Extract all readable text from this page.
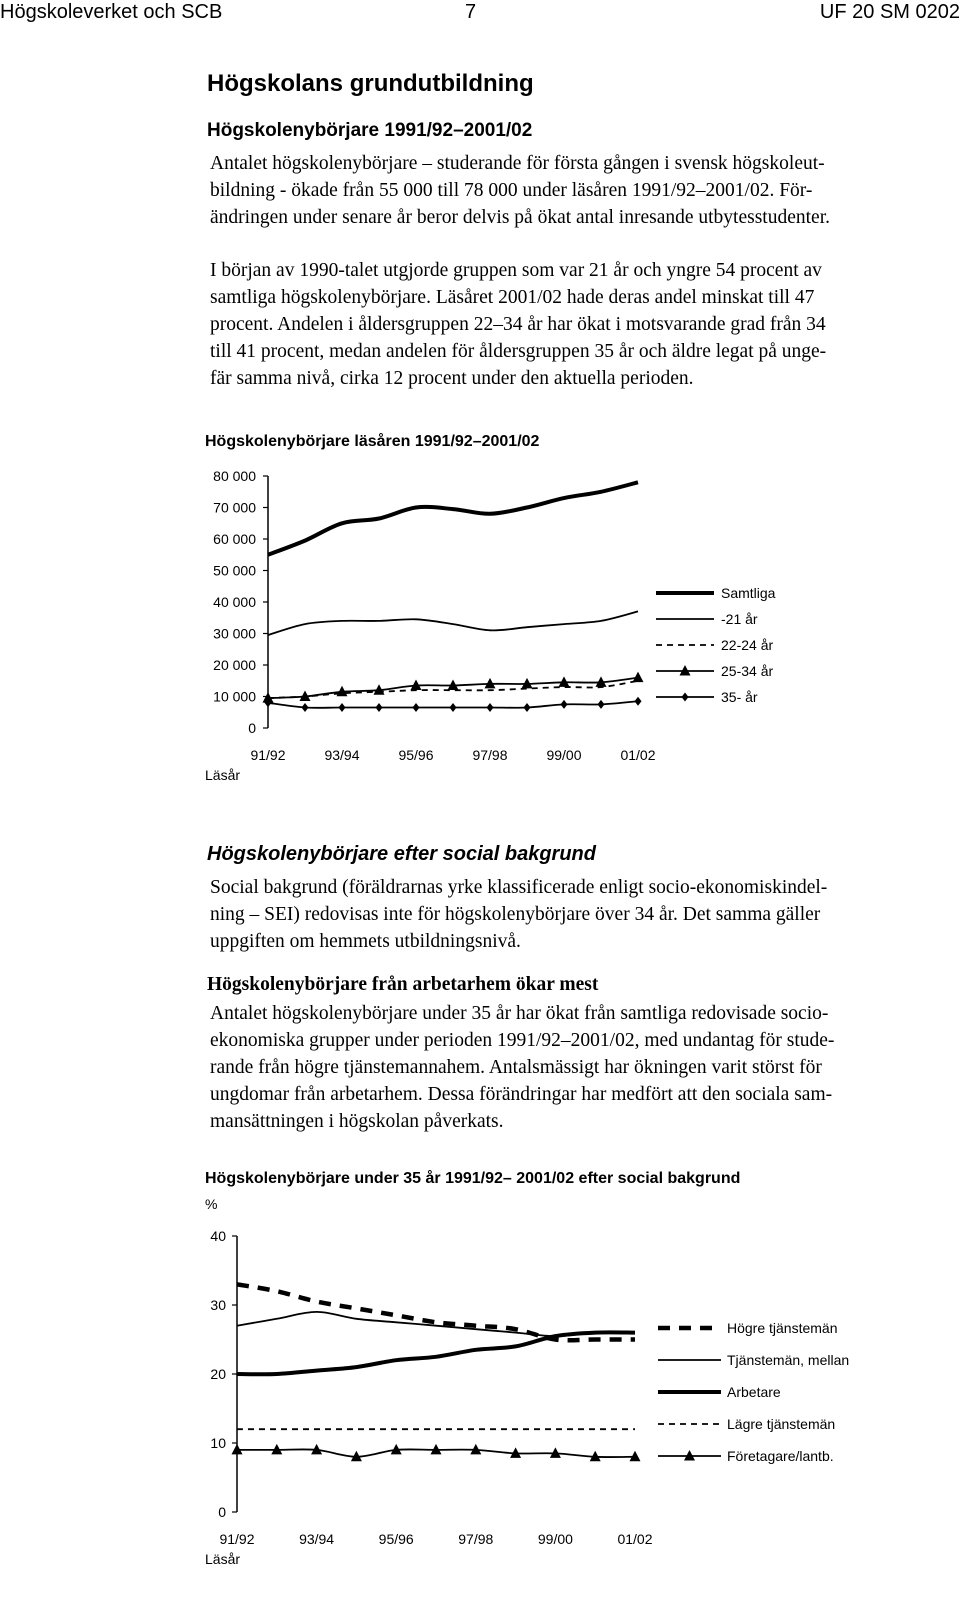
Högskoleverket och SCB	7	UF 20 SM 0202
Högskolans grundutbildning
Högskolenybörjare 1991/92–2001/02
Antalet högskolenybörjare – studerande för första gången i svensk högskoleut-
bildning - ökade från 55 000 till 78 000 under läsåren 1991/92–2001/02. För-
ändringen under senare år beror delvis på ökat antal inresande utbytesstudenter.
I början av 1990-talet utgjorde gruppen som var 21 år och yngre 54 procent av
samtliga högskolenybörjare. Läsåret 2001/02 hade deras andel minskat till 47
procent. Andelen i åldersgruppen 22–34 år har ökat i motsvarande grad från 34
till 41 procent, medan andelen för åldersgruppen 35 år och äldre legat på unge-
fär samma nivå, cirka 12 procent under den aktuella perioden.
Högskolenybörjare läsåren 1991/92–2001/02
80 000
70 000
60 000
50 000
40 000
30 000
20 000
10 000
0
91/92	93/94	95/96	97/98	99/00	01/02
Läsår
Samtliga
-21 år
22-24 år
25-34 år
35- år
Högskolenybörjare efter social bakgrund
Social bakgrund (föräldrarnas yrke klassificerade enligt socio-ekonomiskindel-
ning – SEI) redovisas inte för högskolenybörjare över 34 år. Det samma gäller
uppgiften om hemmets utbildningsnivå.
Högskolenybörjare från arbetarhem ökar mest
Antalet högskolenybörjare under 35 år har ökat från samtliga redovisade socio-
ekonomiska grupper under perioden 1991/92–2001/02, med undantag för stude-
rande från högre tjänstemannahem. Antalsmässigt har ökningen varit störst för
ungdomar från arbetarhem. Dessa förändringar har medfört att den sociala sam-
mansättningen i högskolan påverkats.
Högskolenybörjare under 35 år 1991/92– 2001/02 efter social bakgrund
40
30
20
10
0
91/92	93/94	95/96	97/98	99/00	01/02
Läsår
%
Högre tjänstemän
Tjänstemän, mellan
Arbetare
Lägre tjänstemän
Företagare/lantb.
